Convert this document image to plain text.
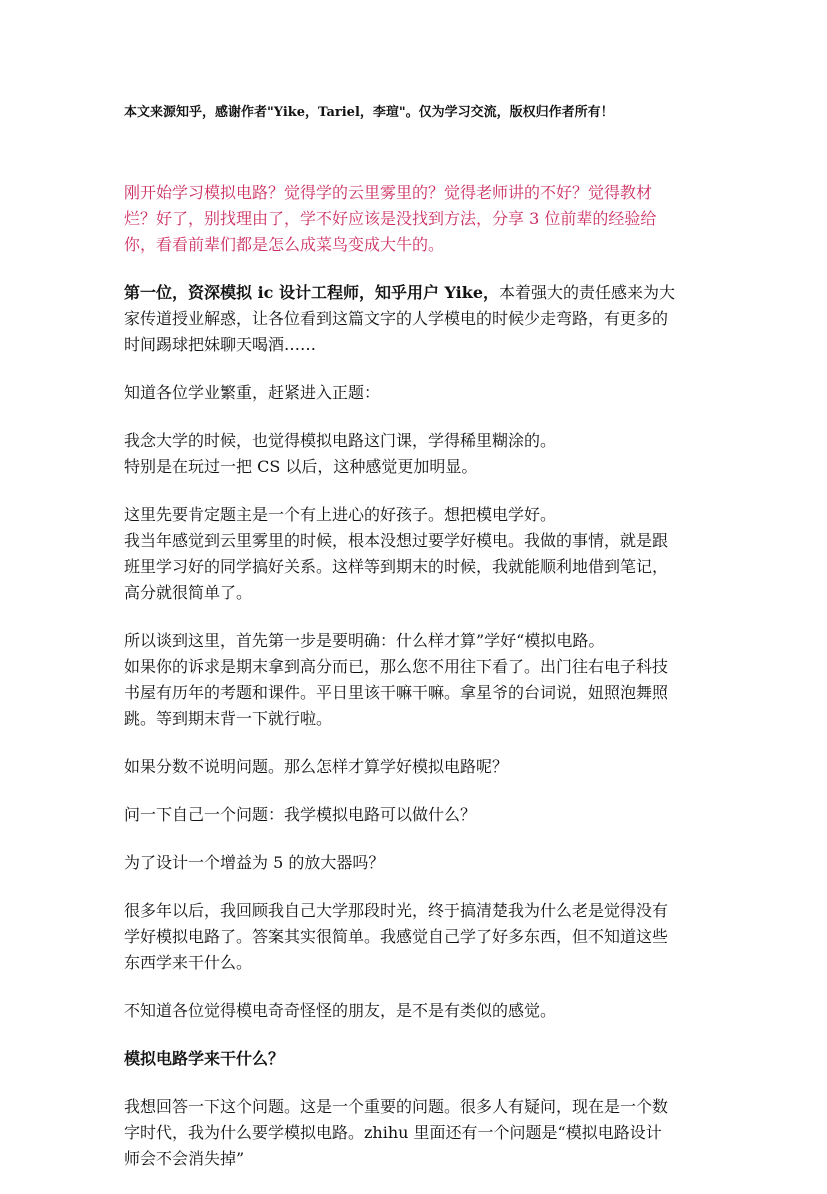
本文来源知乎，感谢作者"Yike，Tariel，李瑄"。仅为学习交流，版权归作者所有！

刚开始学习模拟电路？觉得学的云里雾里的？觉得老师讲的不好？觉得教材
烂？好了，别找理由了，学不好应该是没找到方法，分享 3 位前辈的经验给
你，看看前辈们都是怎么成菜鸟变成大牛的。

第一位，资深模拟 ic 设计工程师，知乎用户 Yike，本着强大的责任感来为大
家传道授业解惑，让各位看到这篇文字的人学模电的时候少走弯路，有更多的
时间踢球把妹聊天喝酒……

知道各位学业繁重，赶紧进入正题：

我念大学的时候，也觉得模拟电路这门课，学得稀里糊涂的。
特别是在玩过一把 CS 以后，这种感觉更加明显。

这里先要肯定题主是一个有上进心的好孩子。想把模电学好。
我当年感觉到云里雾里的时候，根本没想过要学好模电。我做的事情，就是跟
班里学习好的同学搞好关系。这样等到期末的时候，我就能顺利地借到笔记，
高分就很简单了。

所以谈到这里，首先第一步是要明确：什么样才算”学好“模拟电路。
如果你的诉求是期末拿到高分而已，那么您不用往下看了。出门往右电子科技
书屋有历年的考题和课件。平日里该干嘛干嘛。拿星爷的台词说，妞照泡舞照
跳。等到期末背一下就行啦。

如果分数不说明问题。那么怎样才算学好模拟电路呢？

问一下自己一个问题：我学模拟电路可以做什么？

为了设计一个增益为 5 的放大器吗？

很多年以后，我回顾我自己大学那段时光，终于搞清楚我为什么老是觉得没有
学好模拟电路了。答案其实很简单。我感觉自己学了好多东西，但不知道这些
东西学来干什么。

不知道各位觉得模电奇奇怪怪的朋友，是不是有类似的感觉。

模拟电路学来干什么？

我想回答一下这个问题。这是一个重要的问题。很多人有疑问，现在是一个数
字时代，我为什么要学模拟电路。zhihu 里面还有一个问题是“模拟电路设计
师会不会消失掉”
